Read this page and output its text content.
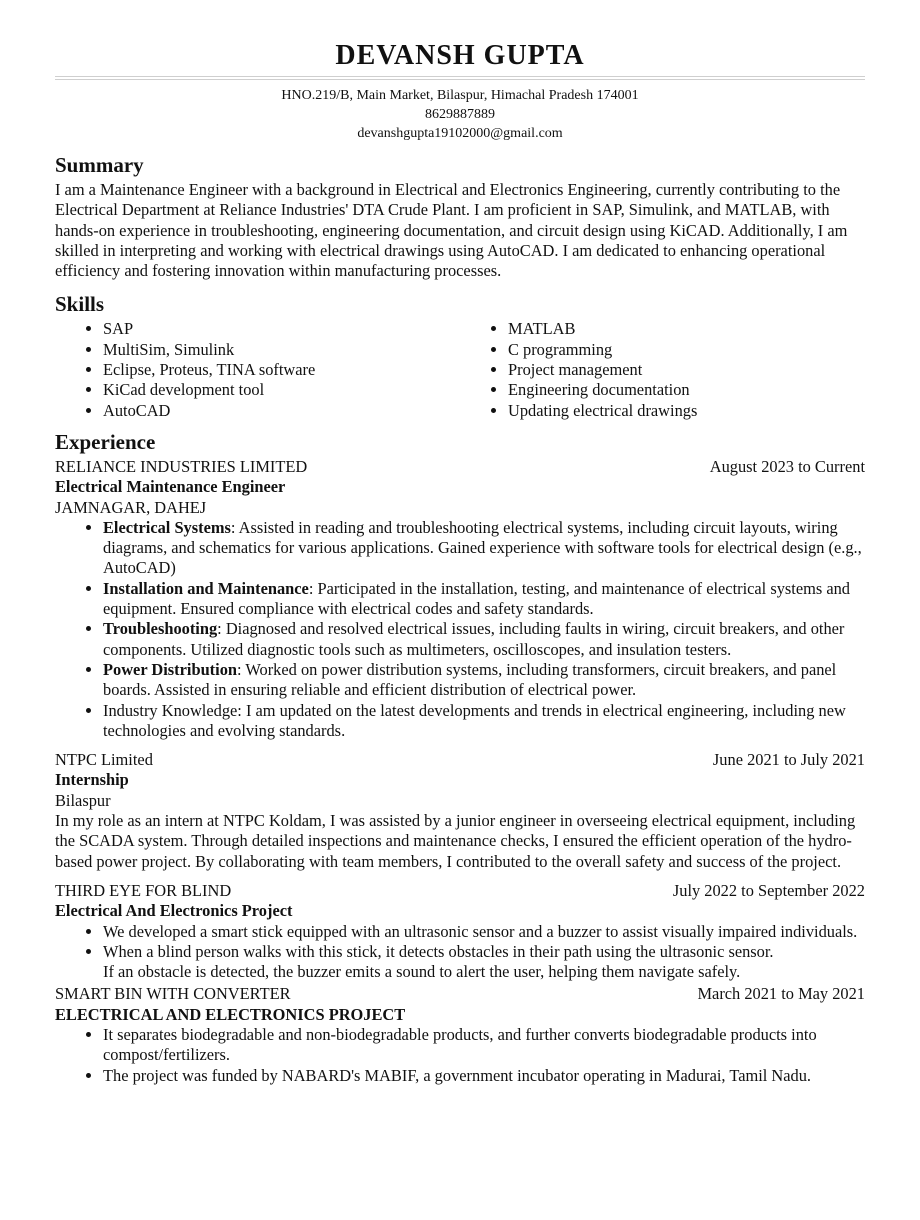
DEVANSH GUPTA
HNO.219/B, Main Market, Bilaspur, Himachal Pradesh 174001
8629887889
devanshgupta19102000@gmail.com
Summary

I am a Maintenance Engineer with a background in Electrical and Electronics Engineering, currently contributing to the Electrical Department at Reliance Industries' DTA Crude Plant. I am proficient in SAP, Simulink, and MATLAB, with hands-on experience in troubleshooting, engineering documentation, and circuit design using KiCAD. Additionally, I am skilled in interpreting and working with electrical drawings using AutoCAD. I am dedicated to enhancing operational efficiency and fostering innovation within manufacturing processes.

Skills
• SAP
• MultiSim, Simulink
• Eclipse, Proteus, TINA software
• KiCad development tool
• AutoCAD
• MATLAB
• C programming
• Project management
• Engineering documentation
• Updating electrical drawings
Experience
RELIANCE INDUSTRIES LIMITED	August 2023 to Current
Electrical Maintenance Engineer
JAMNAGAR, DAHEJ
• Electrical Systems: Assisted in reading and troubleshooting electrical systems, including circuit layouts, wiring diagrams, and schematics for various applications. Gained experience with software tools for electrical design (e.g., AutoCAD)
• Installation and Maintenance: Participated in the installation, testing, and maintenance of electrical systems and equipment. Ensured compliance with electrical codes and safety standards.
• Troubleshooting: Diagnosed and resolved electrical issues, including faults in wiring, circuit breakers, and other components. Utilized diagnostic tools such as multimeters, oscilloscopes, and insulation testers.
• Power Distribution: Worked on power distribution systems, including transformers, circuit breakers, and panel boards. Assisted in ensuring reliable and efficient distribution of electrical power.
• Industry Knowledge: I am updated on the latest developments and trends in electrical engineering, including new technologies and evolving standards.
NTPC Limited	June 2021 to July 2021
Internship
Bilaspur

In my role as an intern at NTPC Koldam, I was assisted by a junior engineer in overseeing electrical equipment, including the SCADA system. Through detailed inspections and maintenance checks, I ensured the efficient operation of the hydro-based power project. By collaborating with team members, I contributed to the overall safety and success of the project.

THIRD EYE FOR BLIND	July 2022 to September 2022
Electrical And Electronics Project
• We developed a smart stick equipped with an ultrasonic sensor and a buzzer to assist visually impaired individuals.
• When a blind person walks with this stick, it detects obstacles in their path using the ultrasonic sensor.
If an obstacle is detected, the buzzer emits a sound to alert the user, helping them navigate safely.
SMART BIN WITH CONVERTER	March 2021 to May 2021
ELECTRICAL AND ELECTRONICS PROJECT
• It separates biodegradable and non-biodegradable products, and further converts biodegradable products into compost/fertilizers.
• The project was funded by NABARD's MABIF, a government incubator operating in Madurai, Tamil Nadu.
